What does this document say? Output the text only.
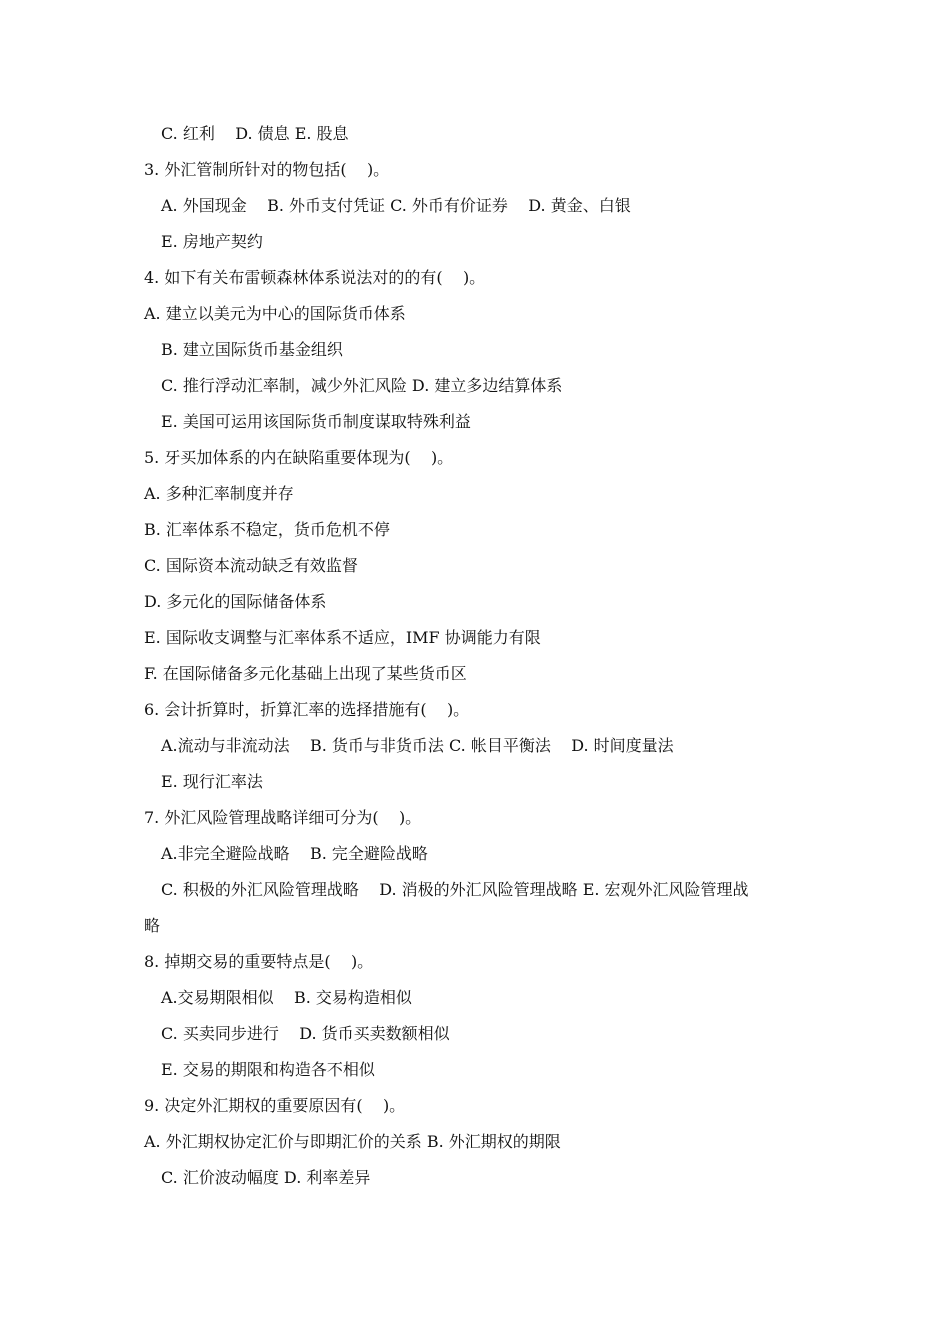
C. 红利    D. 债息 E. 股息
3. 外汇管制所针对的物包括(    )。
A. 外国现金    B. 外币支付凭证 C. 外币有价证券    D. 黄金、白银
E. 房地产契约
4. 如下有关布雷顿森林体系说法对的的有(    )。
A. 建立以美元为中心的国际货币体系
B. 建立国际货币基金组织
C. 推行浮动汇率制，减少外汇风险 D. 建立多边结算体系
E. 美国可运用该国际货币制度谋取特殊利益
5. 牙买加体系的内在缺陷重要体现为(    )。
A. 多种汇率制度并存
B. 汇率体系不稳定，货币危机不停
C. 国际资本流动缺乏有效监督
D. 多元化的国际储备体系
E. 国际收支调整与汇率体系不适应，IMF 协调能力有限
F. 在国际储备多元化基础上出现了某些货币区
6. 会计折算时，折算汇率的选择措施有(    )。
A.流动与非流动法    B. 货币与非货币法 C. 帐目平衡法    D. 时间度量法
E. 现行汇率法
7. 外汇风险管理战略详细可分为(    )。
A.非完全避险战略    B. 完全避险战略
C. 积极的外汇风险管理战略    D. 消极的外汇风险管理战略 E. 宏观外汇风险管理战
略
8. 掉期交易的重要特点是(    )。
A.交易期限相似    B. 交易构造相似
C. 买卖同步进行    D. 货币买卖数额相似
E. 交易的期限和构造各不相似
9. 决定外汇期权的重要原因有(    )。
A. 外汇期权协定汇价与即期汇价的关系 B. 外汇期权的期限
C. 汇价波动幅度 D. 利率差异
